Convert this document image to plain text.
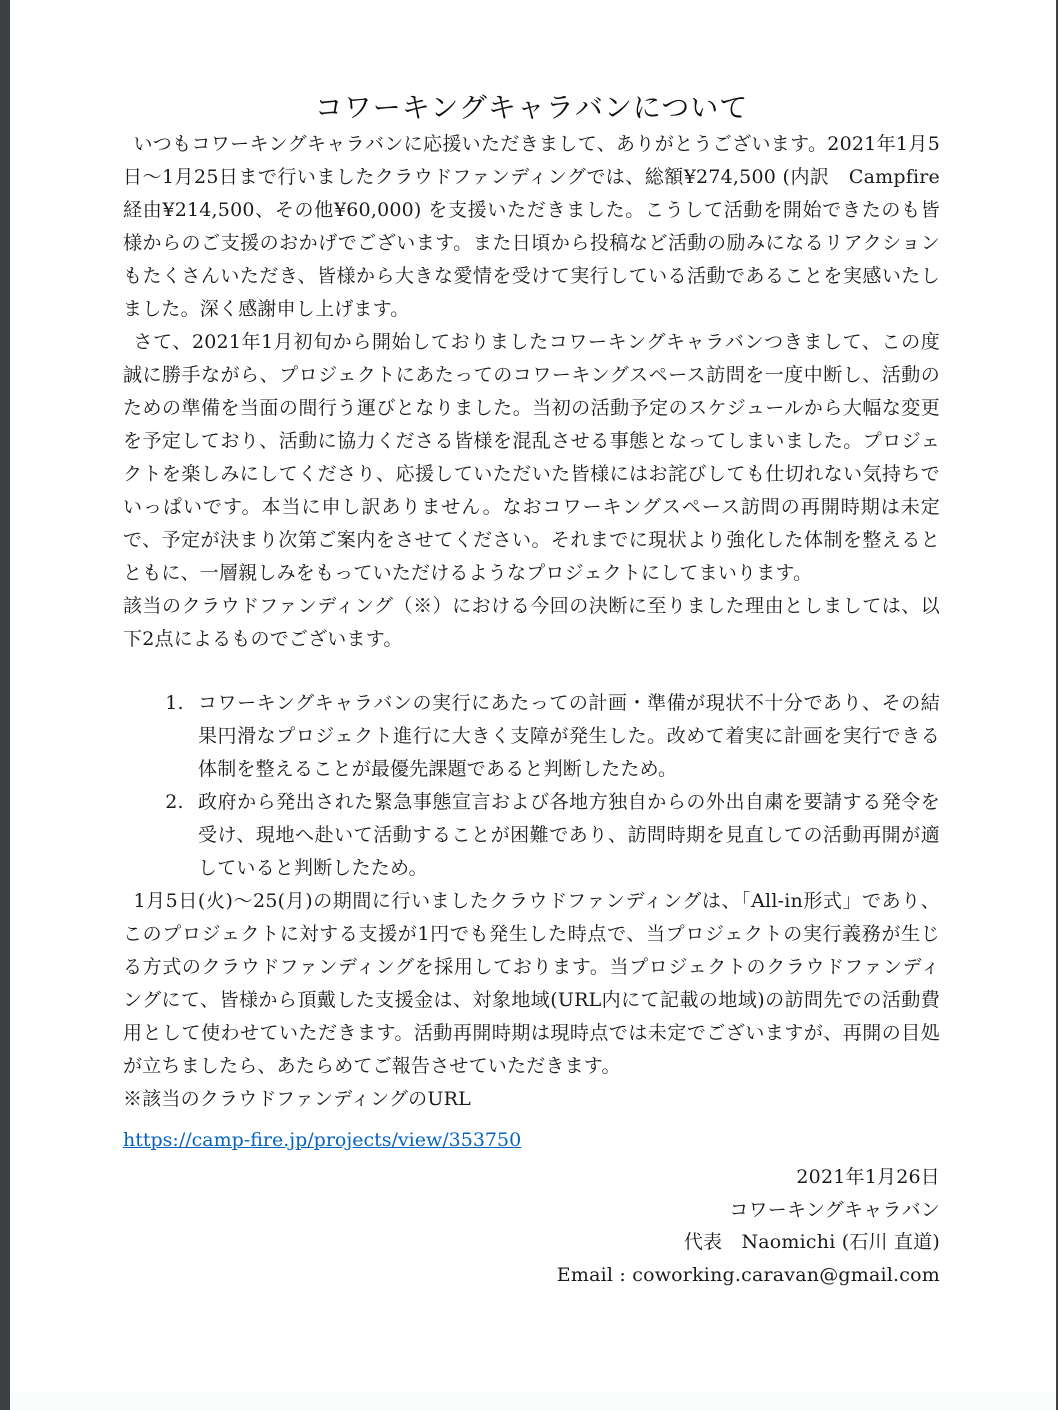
コワーキングキャラバンについて

いつもコワーキングキャラバンに応援いただきまして、ありがとうございます。2021年1月5日～1月25日まで行いましたクラウドファンディングでは、総額¥274,500 (内訳　Campfire経由¥214,500、その他¥60,000) を支援いただきました。こうして活動を開始できたのも皆様からのご支援のおかげでございます。また日頃から投稿など活動の励みになるリアクションもたくさんいただき、皆様から大きな愛情を受けて実行している活動であることを実感いたしました。深く感謝申し上げます。

さて、2021年1月初旬から開始しておりましたコワーキングキャラバンつきまして、この度誠に勝手ながら、プロジェクトにあたってのコワーキングスペース訪問を一度中断し、活動のための準備を当面の間行う運びとなりました。当初の活動予定のスケジュールから大幅な変更を予定しており、活動に協力くださる皆様を混乱させる事態となってしまいました。プロジェクトを楽しみにしてくださり、応援していただいた皆様にはお詫びしても仕切れない気持ちでいっぱいです。本当に申し訳ありません。なおコワーキングスペース訪問の再開時期は未定で、予定が決まり次第ご案内をさせてください。それまでに現状より強化した体制を整えるとともに、一層親しみをもっていただけるようなプロジェクトにしてまいります。

該当のクラウドファンディング（※）における今回の決断に至りました理由としましては、以下2点によるものでございます。

1. コワーキングキャラバンの実行にあたっての計画・準備が現状不十分であり、その結果円滑なプロジェクト進行に大きく支障が発生した。改めて着実に計画を実行できる体制を整えることが最優先課題であると判断したため。
2. 政府から発出された緊急事態宣言および各地方独自からの外出自粛を要請する発令を受け、現地へ赴いて活動することが困難であり、訪問時期を見直しての活動再開が適していると判断したため。

1月5日(火)～25(月)の期間に行いましたクラウドファンディングは、「All-in形式」であり、このプロジェクトに対する支援が1円でも発生した時点で、当プロジェクトの実行義務が生じる方式のクラウドファンディングを採用しております。当プロジェクトのクラウドファンディングにて、皆様から頂戴した支援金は、対象地域(URL内にて記載の地域)の訪問先での活動費用として使わせていただきます。活動再開時期は現時点では未定でございますが、再開の目処が立ちましたら、あたらめてご報告させていただきます。

※該当のクラウドファンディングのURL

https://camp-fire.jp/projects/view/353750

2021年1月26日
コワーキングキャラバン
代表　Naomichi (石川 直道)
Email : coworking.caravan@gmail.com
